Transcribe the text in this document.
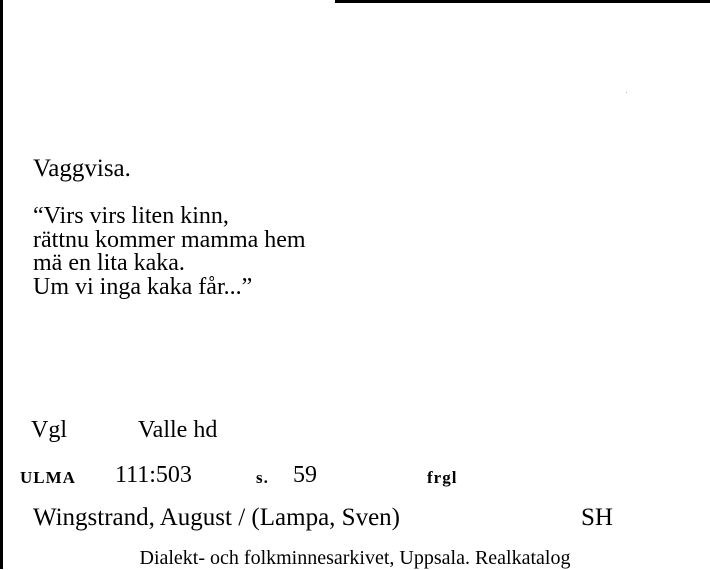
Vaggvisa.
“Virs virs liten kinn,
rättnu kommer mamma hem
mä en lita kaka.
Um vi inga kaka får...”
Vgl	Valle hd
ULMA 111:503	s. 59	frgl
Wingstrand, August / (Lampa, Sven)	SH
Dialekt- och folkminnesarkivet, Uppsala. Realkatalog
